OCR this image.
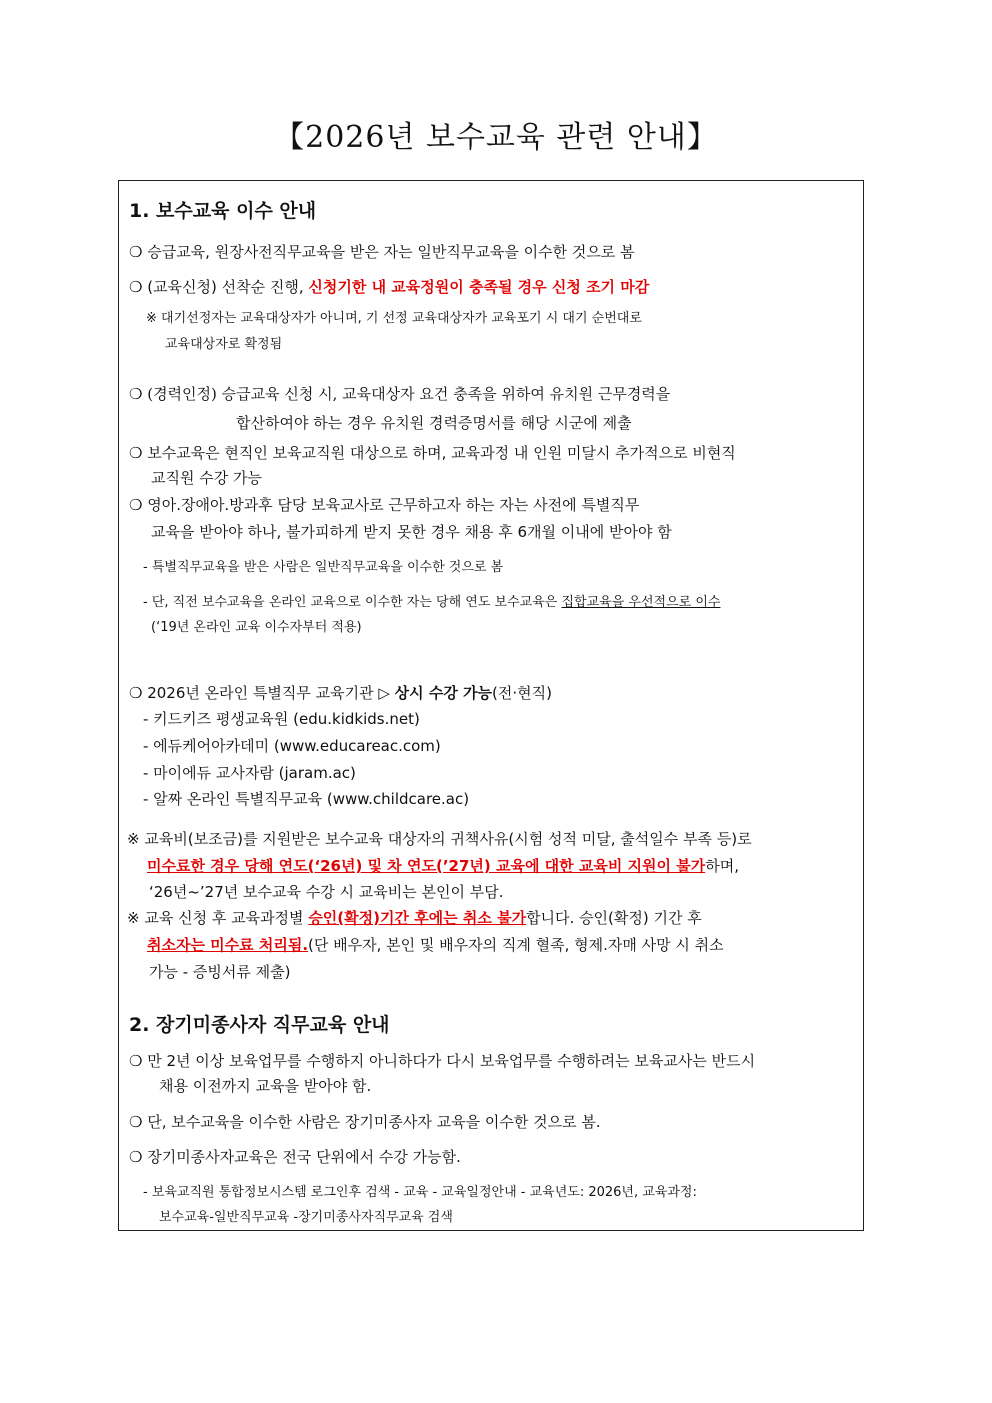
【2026년 보수교육 관련 안내】
1. 보수교육 이수 안내
❍ 승급교육, 원장사전직무교육을 받은 자는 일반직무교육을 이수한 것으로 봄
❍ (교육신청) 선착순 진행, 신청기한 내 교육정원이 충족될 경우 신청 조기 마감
※ 대기선정자는 교육대상자가 아니며, 기 선정 교육대상자가 교육포기 시 대기 순번대로
교육대상자로 확정됨
❍ (경력인정) 승급교육 신청 시, 교육대상자 요건 충족을 위하여 유치원 근무경력을
합산하여야 하는 경우 유치원 경력증명서를 해당 시군에 제출
❍ 보수교육은 현직인 보육교직원 대상으로 하며, 교육과정 내 인원 미달시 추가적으로 비현직
교직원 수강 가능
❍ 영아.장애아.방과후 담당 보육교사로 근무하고자 하는 자는 사전에 특별직무
교육을 받아야 하나, 불가피하게 받지 못한 경우 채용 후 6개월 이내에 받아야 함
- 특별직무교육을 받은 사람은 일반직무교육을 이수한 것으로 봄
- 단, 직전 보수교육을 온라인 교육으로 이수한 자는 당해 연도 보수교육은 집합교육을 우선적으로 이수
(‘19년 온라인 교육 이수자부터 적용)
❍ 2026년 온라인 특별직무 교육기관 ▷ 상시 수강 가능(전·현직)
- 키드키즈 평생교육원 (edu.kidkids.net)
- 에듀케어아카데미 (www.educareac.com)
- 마이에듀 교사자람 (jaram.ac)
- 알짜 온라인 특별직무교육 (www.childcare.ac)
※ 교육비(보조금)를 지원받은 보수교육 대상자의 귀책사유(시험 성적 미달, 출석일수 부족 등)로
미수료한 경우 당해 연도(‘26년) 및 차 연도(’27년) 교육에 대한 교육비 지원이 불가하며,
‘26년~’27년 보수교육 수강 시 교육비는 본인이 부담.
※ 교육 신청 후 교육과정별 승인(확정)기간 후에는 취소 불가합니다. 승인(확정) 기간 후
취소자는 미수료 처리됨.(단 배우자, 본인 및 배우자의 직계 혈족, 형제.자매 사망 시 취소
가능 - 증빙서류 제출)
2. 장기미종사자 직무교육 안내
❍ 만 2년 이상 보육업무를 수행하지 아니하다가 다시 보육업무를 수행하려는 보육교사는 반드시
채용 이전까지 교육을 받아야 함.
❍ 단, 보수교육을 이수한 사람은 장기미종사자 교육을 이수한 것으로 봄.
❍ 장기미종사자교육은 전국 단위에서 수강 가능함.
- 보육교직원 통합정보시스템 로그인후 검색 - 교육 - 교육일정안내 - 교육년도: 2026년, 교육과정:
보수교육-일반직무교육 -장기미종사자직무교육 검색
